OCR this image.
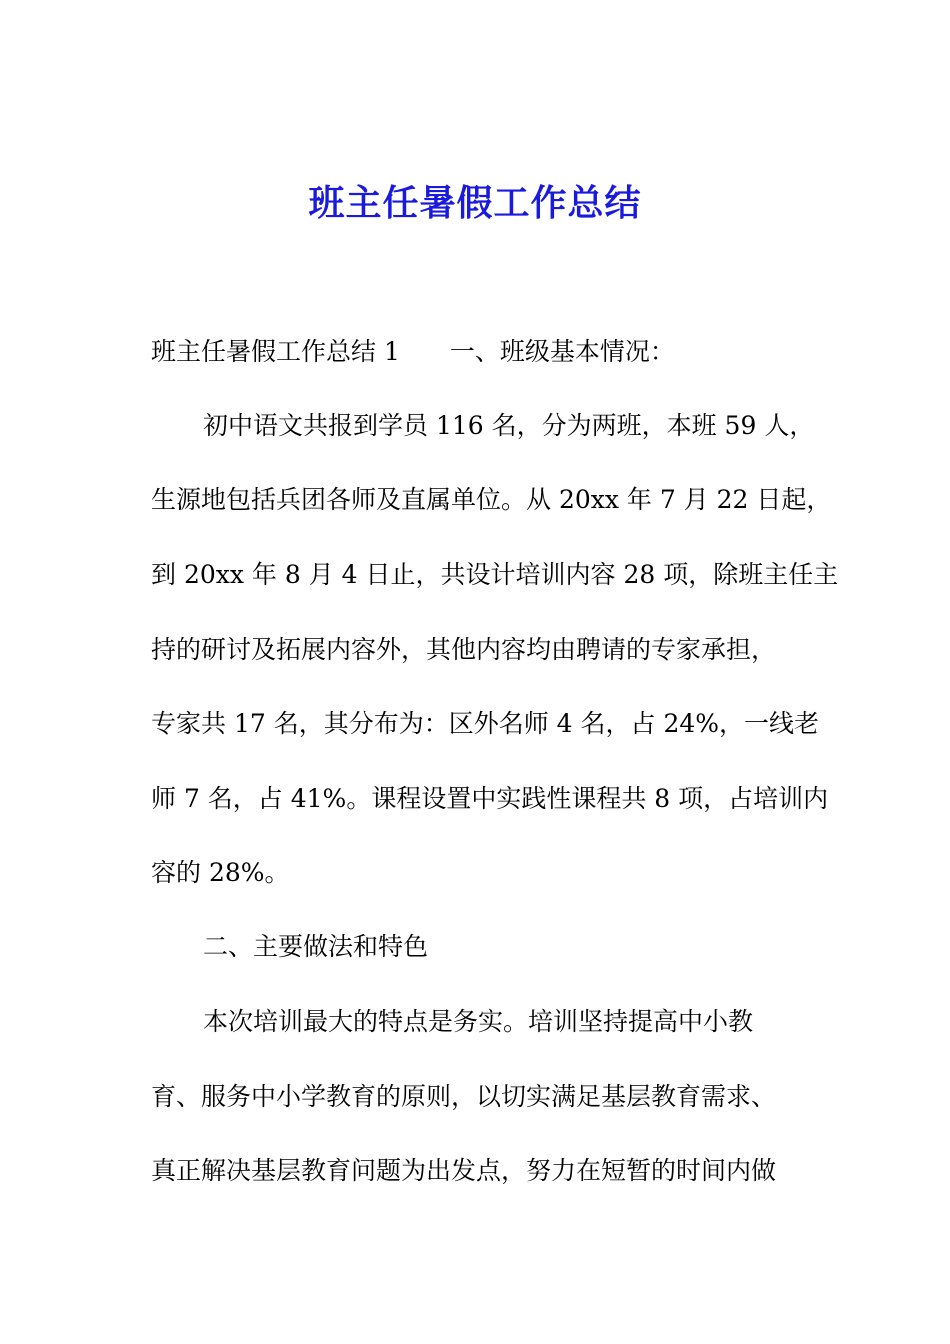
班主任暑假工作总结
班主任暑假工作总结 1 一、班级基本情况：
初中语文共报到学员 116 名，分为两班，本班 59 人，
生源地包括兵团各师及直属单位。从 20xx 年 7 月 22 日起，
到 20xx 年 8 月 4 日止，共设计培训内容 28 项，除班主任主
持的研讨及拓展内容外，其他内容均由聘请的专家承担，
专家共 17 名，其分布为：区外名师 4 名，占 24%，一线老
师 7 名，占 41%。课程设置中实践性课程共 8 项，占培训内
容的 28%。
二、主要做法和特色
本次培训最大的特点是务实。培训坚持提高中小教
育、服务中小学教育的原则，以切实满足基层教育需求、
真正解决基层教育问题为出发点，努力在短暂的时间内做
